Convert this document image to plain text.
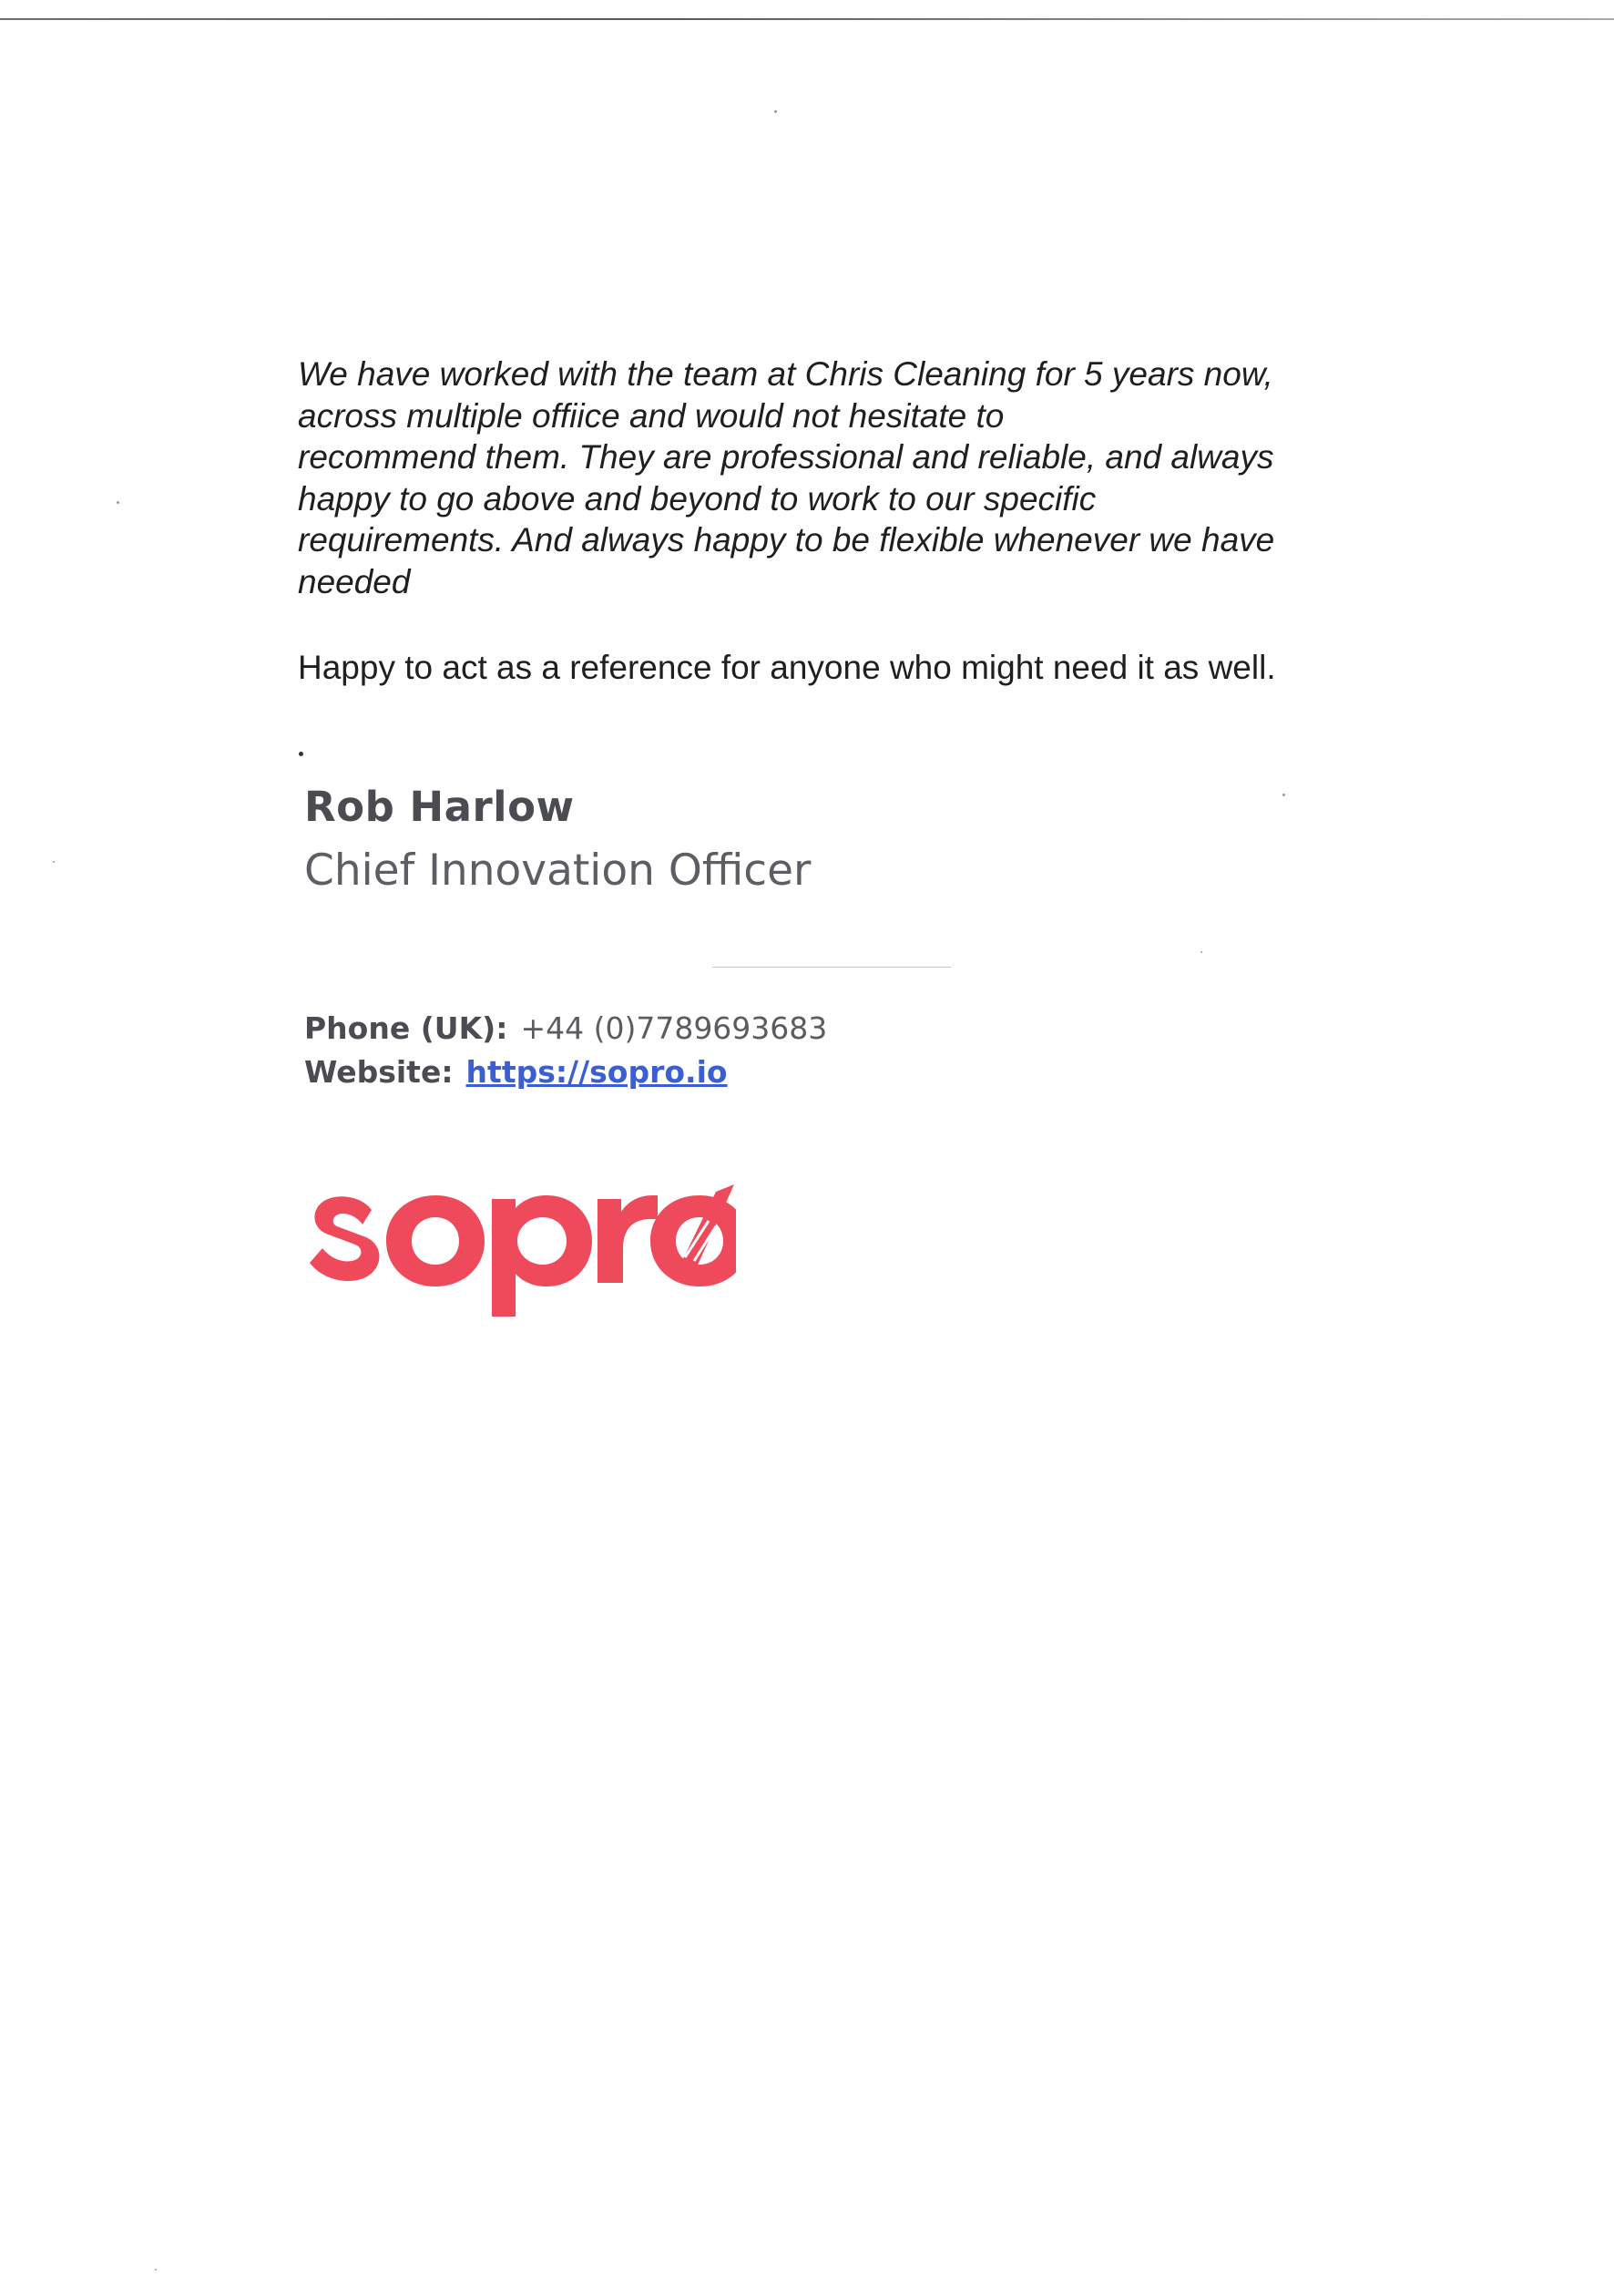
We have worked with the team at Chris Cleaning for 5 years now,
across multiple offiice and would not hesitate to
recommend them. They are professional and reliable, and always
happy to go above and beyond to work to our specific
requirements. And always happy to be flexible whenever we have
needed

Happy to act as a reference for anyone who might need it as well.

Rob Harlow

Chief Innovation Officer

Phone (UK): +44 (0)7789693683
Website: https://sopro.io
